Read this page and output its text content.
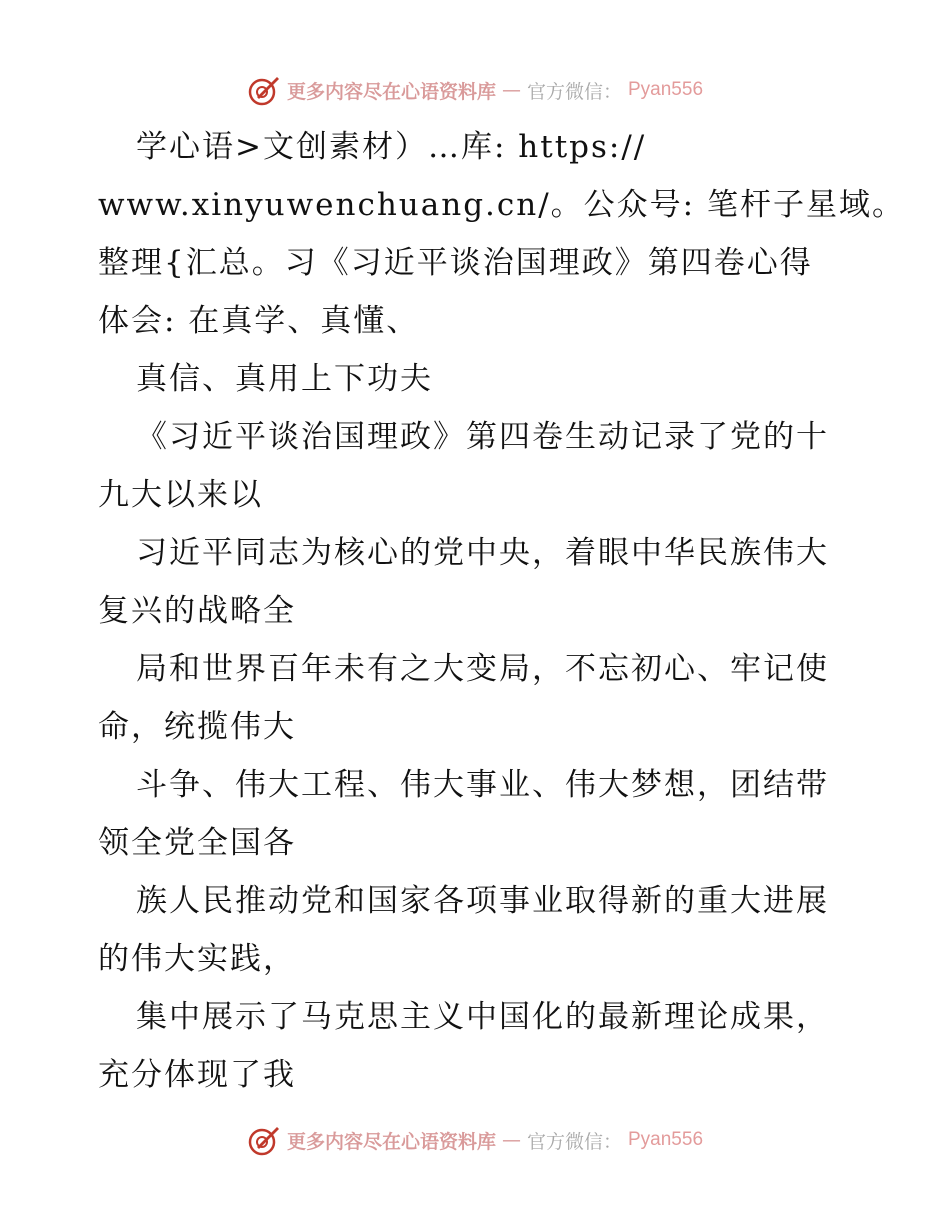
更多内容尽在心语资料库 — 官方微信： Pyan556

学心语>文创素材）…库: https://

www.xinyuwenchuang.cn/。公众号: 笔杆子星域。

整理{汇总。习《习近平谈治国理政》第四卷心得

体会: 在真学、真懂、

真信、真用上下功夫

《习近平谈治国理政》第四卷生动记录了党的十

九大以来以

习近平同志为核心的党中央，着眼中华民族伟大

复兴的战略全

局和世界百年未有之大变局，不忘初心、牢记使

命，统揽伟大

斗争、伟大工程、伟大事业、伟大梦想，团结带

领全党全国各

族人民推动党和国家各项事业取得新的重大进展

的伟大实践，

集中展示了马克思主义中国化的最新理论成果，

充分体现了我

更多内容尽在心语资料库 — 官方微信： Pyan556
